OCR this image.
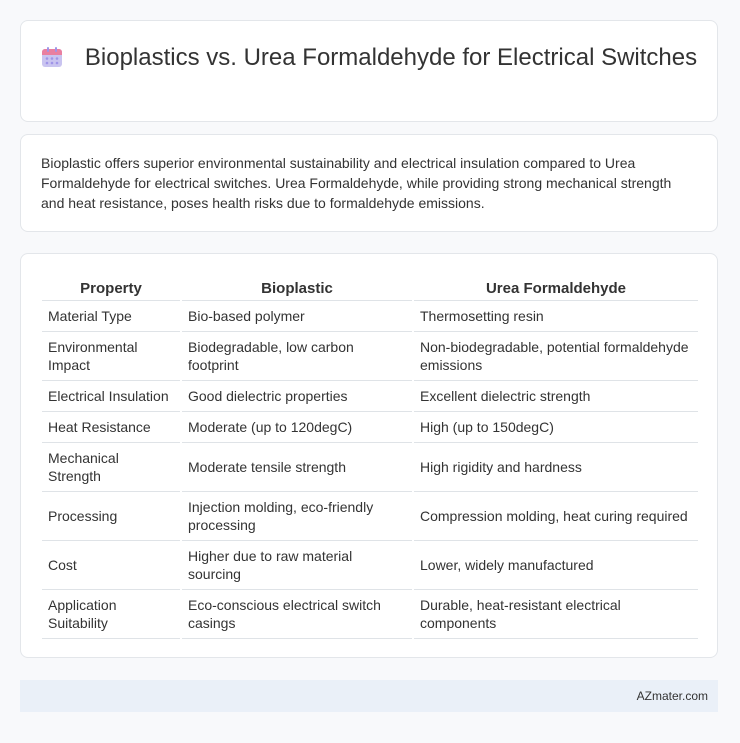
Bioplastics vs. Urea Formaldehyde for Electrical Switches

Bioplastic offers superior environmental sustainability and electrical insulation compared to Urea Formaldehyde for electrical switches. Urea Formaldehyde, while providing strong mechanical strength and heat resistance, poses health risks due to formaldehyde emissions.

Property	Bioplastic	Urea Formaldehyde
Material Type	Bio-based polymer	Thermosetting resin
Environmental Impact	Biodegradable, low carbon footprint	Non-biodegradable, potential formaldehyde emissions
Electrical Insulation	Good dielectric properties	Excellent dielectric strength
Heat Resistance	Moderate (up to 120degC)	High (up to 150degC)
Mechanical Strength	Moderate tensile strength	High rigidity and hardness
Processing	Injection molding, eco-friendly processing	Compression molding, heat curing required
Cost	Higher due to raw material sourcing	Lower, widely manufactured
Application Suitability	Eco-conscious electrical switch casings	Durable, heat-resistant electrical components
AZmater.com
